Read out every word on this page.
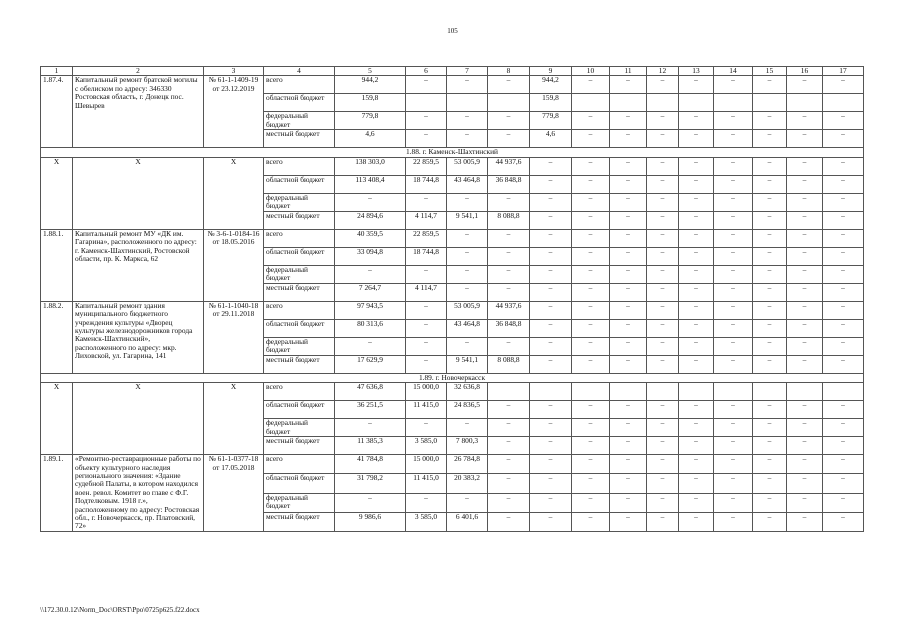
105
1	2	3	4	5	6	7	8	9	10	11	12	13	14	15	16	17
1.87.4.	Капитальный ремонт братской могилы с обелиском по адресу: 346330 Ростовская область, г. Донецк пос. Шевырев	№ 61-1-1409-19 от 23.12.2019	всего	944,2	–	–	–	944,2	–	–	–	–	–	–	–	–
			областной бюджет	159,8				159,8								
			федеральный бюджет	779,8	–	–	–	779,8	–	–	–	–	–	–	–	–
			местный бюджет	4,6	–	–	–	4,6	–	–	–	–	–	–	–	–
1.88. г. Каменск-Шахтинский																
Х	Х	Х	всего	138 303,0	22 859,5	53 005,9	44 937,6	–	–	–	–	–	–	–	–	–
			областной бюджет	113 408,4	18 744,8	43 464,8	36 848,8	–	–	–	–	–	–	–	–	–
			федеральный бюджет	–	–	–	–	–	–	–	–	–	–	–	–	–
			местный бюджет	24 894,6	4 114,7	9 541,1	8 088,8	–	–	–	–	–	–	–	–	–
1.88.1.	Капитальный ремонт МУ «ДК им. Гагарина», расположенного по адресу: г. Каменск-Шахтинский, Ростовской области, пр. К. Маркса, 62	№ 3-6-1-0184-16 от 18.05.2016	всего	40 359,5	22 859,5	–	–	–	–	–	–	–	–	–	–	–
			областной бюджет	33 094,8	18 744,8	–	–	–	–	–	–	–	–	–	–	–
			федеральный бюджет	–	–	–	–	–	–	–	–	–	–	–	–	–
			местный бюджет	7 264,7	4 114,7	–	–	–	–	–	–	–	–	–	–	–
1.88.2.	Капитальный ремонт здания муниципального бюджетного учреждения культуры «Дворец культуры железнодорожников города Каменск-Шахтинский», расположенного по адресу: мкр. Лиховской, ул. Гагарина, 141	№ 61-1-1040-18 от 29.11.2018	всего	97 943,5	–	53 005,9	44 937,6	–	–	–	–	–	–	–	–	–
			областной бюджет	80 313,6	–	43 464,8	36 848,8	–	–	–	–	–	–	–	–	–
			федеральный бюджет	–	–	–	–	–	–	–	–	–	–	–	–	–
			местный бюджет	17 629,9	–	9 541,1	8 088,8	–	–	–	–	–	–	–	–	–
1.89. г. Новочеркасск																
Х	Х	Х	всего	47 636,8	15 000,0	32 636,8										
			областной бюджет	36 251,5	11 415,0	24 836,5	–	–	–	–	–	–	–	–	–	–
			федеральный бюджет	–	–	–	–	–	–	–	–	–	–	–	–	–
			местный бюджет	11 385,3	3 585,0	7 800,3	–	–	–	–	–	–	–	–	–	–
1.89.1.	«Ремонтно-реставрационные работы по объекту культурного наследия регионального значения: «Здание судебной Палаты, в котором находился воен. револ. Комитет во главе с Ф.Г. Подтелковым. 1918 г.», расположенному по адресу: Ростовская обл., г. Новочеркасск, пр. Платовский, 72»	№ 61-1-0377-18 от 17.05.2018	всего	41 784,8	15 000,0	26 784,8	–	–	–	–	–	–	–	–	–	–
			областной бюджет	31 798,2	11 415,0	20 383,2	–	–	–	–	–	–	–	–	–	–
			федеральный бюджет	–	–	–	–	–	–	–	–	–	–	–	–	–
			местный бюджет	9 986,6	3 585,0	6 401,6	–	–	–	–	–	–	–	–	–	–
\\172.30.0.12\Norm_Doc\ORST\Ppo\0725p625.f22.docx
